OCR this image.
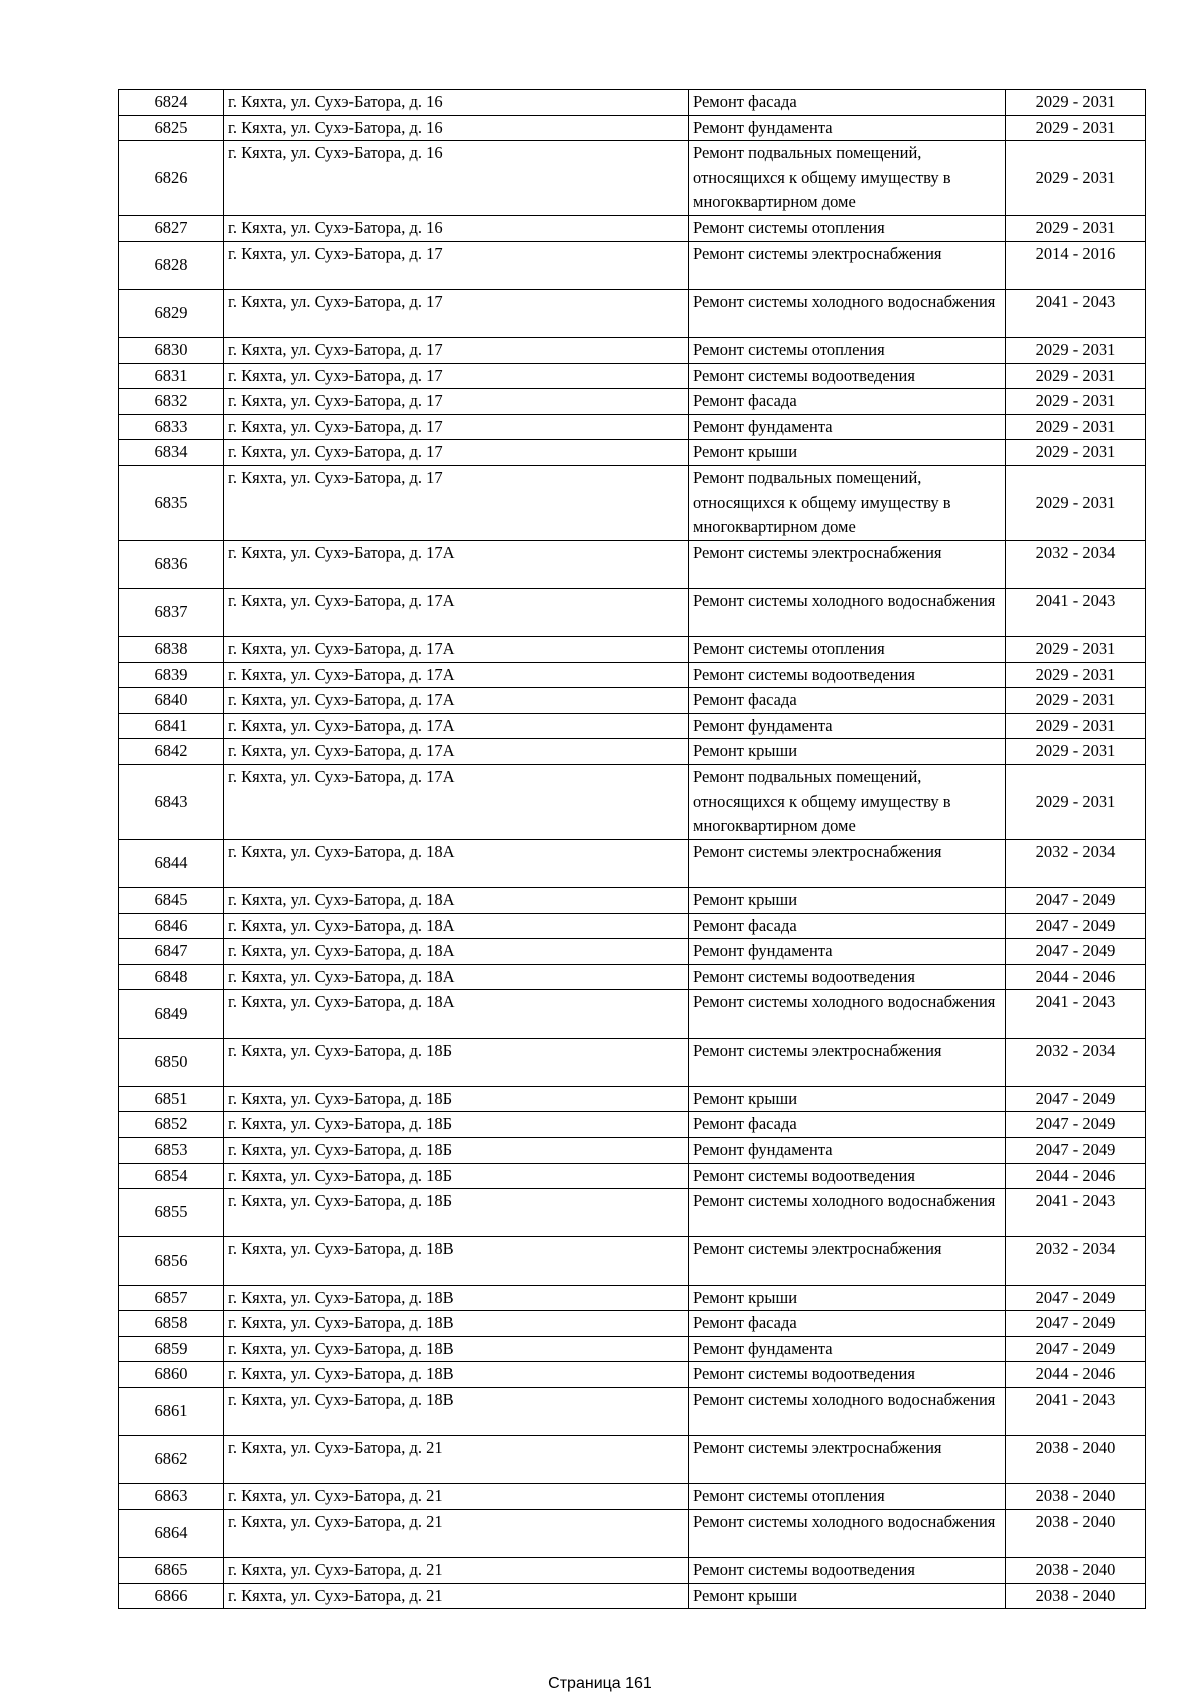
6824	г. Кяхта, ул. Сухэ-Батора, д. 16	Ремонт фасада	2029 - 2031
6825	г. Кяхта, ул. Сухэ-Батора, д. 16	Ремонт фундамента	2029 - 2031
6826	г. Кяхта, ул. Сухэ-Батора, д. 16	Ремонт подвальных помещений, относящихся к общему имуществу в многоквартирном доме	2029 - 2031
6827	г. Кяхта, ул. Сухэ-Батора, д. 16	Ремонт системы отопления	2029 - 2031
6828	г. Кяхта, ул. Сухэ-Батора, д. 17	Ремонт системы электроснабжения	2014 - 2016
6829	г. Кяхта, ул. Сухэ-Батора, д. 17	Ремонт системы холодного водоснабжения	2041 - 2043
6830	г. Кяхта, ул. Сухэ-Батора, д. 17	Ремонт системы отопления	2029 - 2031
6831	г. Кяхта, ул. Сухэ-Батора, д. 17	Ремонт системы водоотведения	2029 - 2031
6832	г. Кяхта, ул. Сухэ-Батора, д. 17	Ремонт фасада	2029 - 2031
6833	г. Кяхта, ул. Сухэ-Батора, д. 17	Ремонт фундамента	2029 - 2031
6834	г. Кяхта, ул. Сухэ-Батора, д. 17	Ремонт крыши	2029 - 2031
6835	г. Кяхта, ул. Сухэ-Батора, д. 17	Ремонт подвальных помещений, относящихся к общему имуществу в многоквартирном доме	2029 - 2031
6836	г. Кяхта, ул. Сухэ-Батора, д. 17А	Ремонт системы электроснабжения	2032 - 2034
6837	г. Кяхта, ул. Сухэ-Батора, д. 17А	Ремонт системы холодного водоснабжения	2041 - 2043
6838	г. Кяхта, ул. Сухэ-Батора, д. 17А	Ремонт системы отопления	2029 - 2031
6839	г. Кяхта, ул. Сухэ-Батора, д. 17А	Ремонт системы водоотведения	2029 - 2031
6840	г. Кяхта, ул. Сухэ-Батора, д. 17А	Ремонт фасада	2029 - 2031
6841	г. Кяхта, ул. Сухэ-Батора, д. 17А	Ремонт фундамента	2029 - 2031
6842	г. Кяхта, ул. Сухэ-Батора, д. 17А	Ремонт крыши	2029 - 2031
6843	г. Кяхта, ул. Сухэ-Батора, д. 17А	Ремонт подвальных помещений, относящихся к общему имуществу в многоквартирном доме	2029 - 2031
6844	г. Кяхта, ул. Сухэ-Батора, д. 18А	Ремонт системы электроснабжения	2032 - 2034
6845	г. Кяхта, ул. Сухэ-Батора, д. 18А	Ремонт крыши	2047 - 2049
6846	г. Кяхта, ул. Сухэ-Батора, д. 18А	Ремонт фасада	2047 - 2049
6847	г. Кяхта, ул. Сухэ-Батора, д. 18А	Ремонт фундамента	2047 - 2049
6848	г. Кяхта, ул. Сухэ-Батора, д. 18А	Ремонт системы водоотведения	2044 - 2046
6849	г. Кяхта, ул. Сухэ-Батора, д. 18А	Ремонт системы холодного водоснабжения	2041 - 2043
6850	г. Кяхта, ул. Сухэ-Батора, д. 18Б	Ремонт системы электроснабжения	2032 - 2034
6851	г. Кяхта, ул. Сухэ-Батора, д. 18Б	Ремонт крыши	2047 - 2049
6852	г. Кяхта, ул. Сухэ-Батора, д. 18Б	Ремонт фасада	2047 - 2049
6853	г. Кяхта, ул. Сухэ-Батора, д. 18Б	Ремонт фундамента	2047 - 2049
6854	г. Кяхта, ул. Сухэ-Батора, д. 18Б	Ремонт системы водоотведения	2044 - 2046
6855	г. Кяхта, ул. Сухэ-Батора, д. 18Б	Ремонт системы холодного водоснабжения	2041 - 2043
6856	г. Кяхта, ул. Сухэ-Батора, д. 18В	Ремонт системы электроснабжения	2032 - 2034
6857	г. Кяхта, ул. Сухэ-Батора, д. 18В	Ремонт крыши	2047 - 2049
6858	г. Кяхта, ул. Сухэ-Батора, д. 18В	Ремонт фасада	2047 - 2049
6859	г. Кяхта, ул. Сухэ-Батора, д. 18В	Ремонт фундамента	2047 - 2049
6860	г. Кяхта, ул. Сухэ-Батора, д. 18В	Ремонт системы водоотведения	2044 - 2046
6861	г. Кяхта, ул. Сухэ-Батора, д. 18В	Ремонт системы холодного водоснабжения	2041 - 2043
6862	г. Кяхта, ул. Сухэ-Батора, д. 21	Ремонт системы электроснабжения	2038 - 2040
6863	г. Кяхта, ул. Сухэ-Батора, д. 21	Ремонт системы отопления	2038 - 2040
6864	г. Кяхта, ул. Сухэ-Батора, д. 21	Ремонт системы холодного водоснабжения	2038 - 2040
6865	г. Кяхта, ул. Сухэ-Батора, д. 21	Ремонт системы водоотведения	2038 - 2040
6866	г. Кяхта, ул. Сухэ-Батора, д. 21	Ремонт крыши	2038 - 2040
Страница 161
